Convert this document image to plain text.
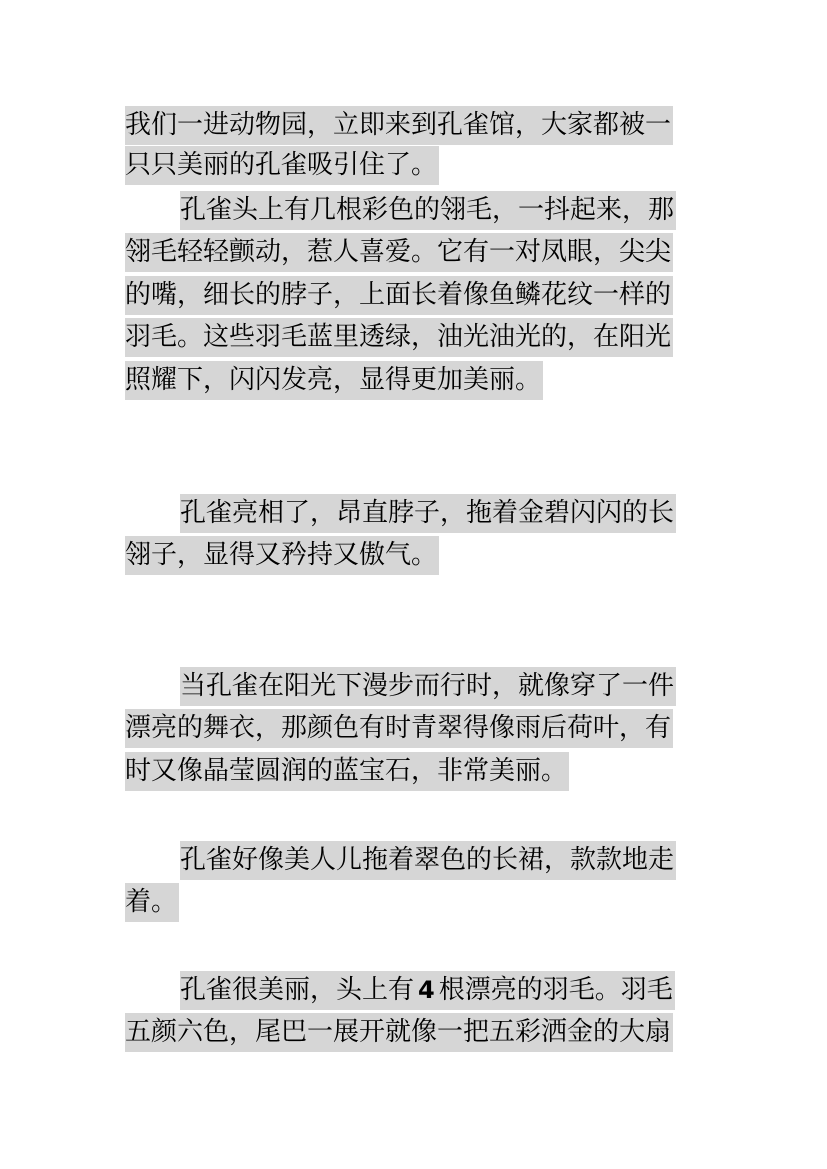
我们一进动物园，立即来到孔雀馆，大家都被一
只只美丽的孔雀吸引住了。
孔雀头上有几根彩色的翎毛，一抖起来，那
翎毛轻轻颤动，惹人喜爱。它有一对凤眼，尖尖
的嘴，细长的脖子，上面长着像鱼鳞花纹一样的
羽毛。这些羽毛蓝里透绿，油光油光的，在阳光
照耀下，闪闪发亮，显得更加美丽。
孔雀亮相了，昂直脖子，拖着金碧闪闪的长
翎子，显得又矜持又傲气。
当孔雀在阳光下漫步而行时，就像穿了一件
漂亮的舞衣，那颜色有时青翠得像雨后荷叶，有
时又像晶莹圆润的蓝宝石，非常美丽。
孔雀好像美人儿拖着翠色的长裙，款款地走
着。
孔雀很美丽，头上有 4 根漂亮的羽毛。羽毛
五颜六色，尾巴一展开就像一把五彩洒金的大扇
